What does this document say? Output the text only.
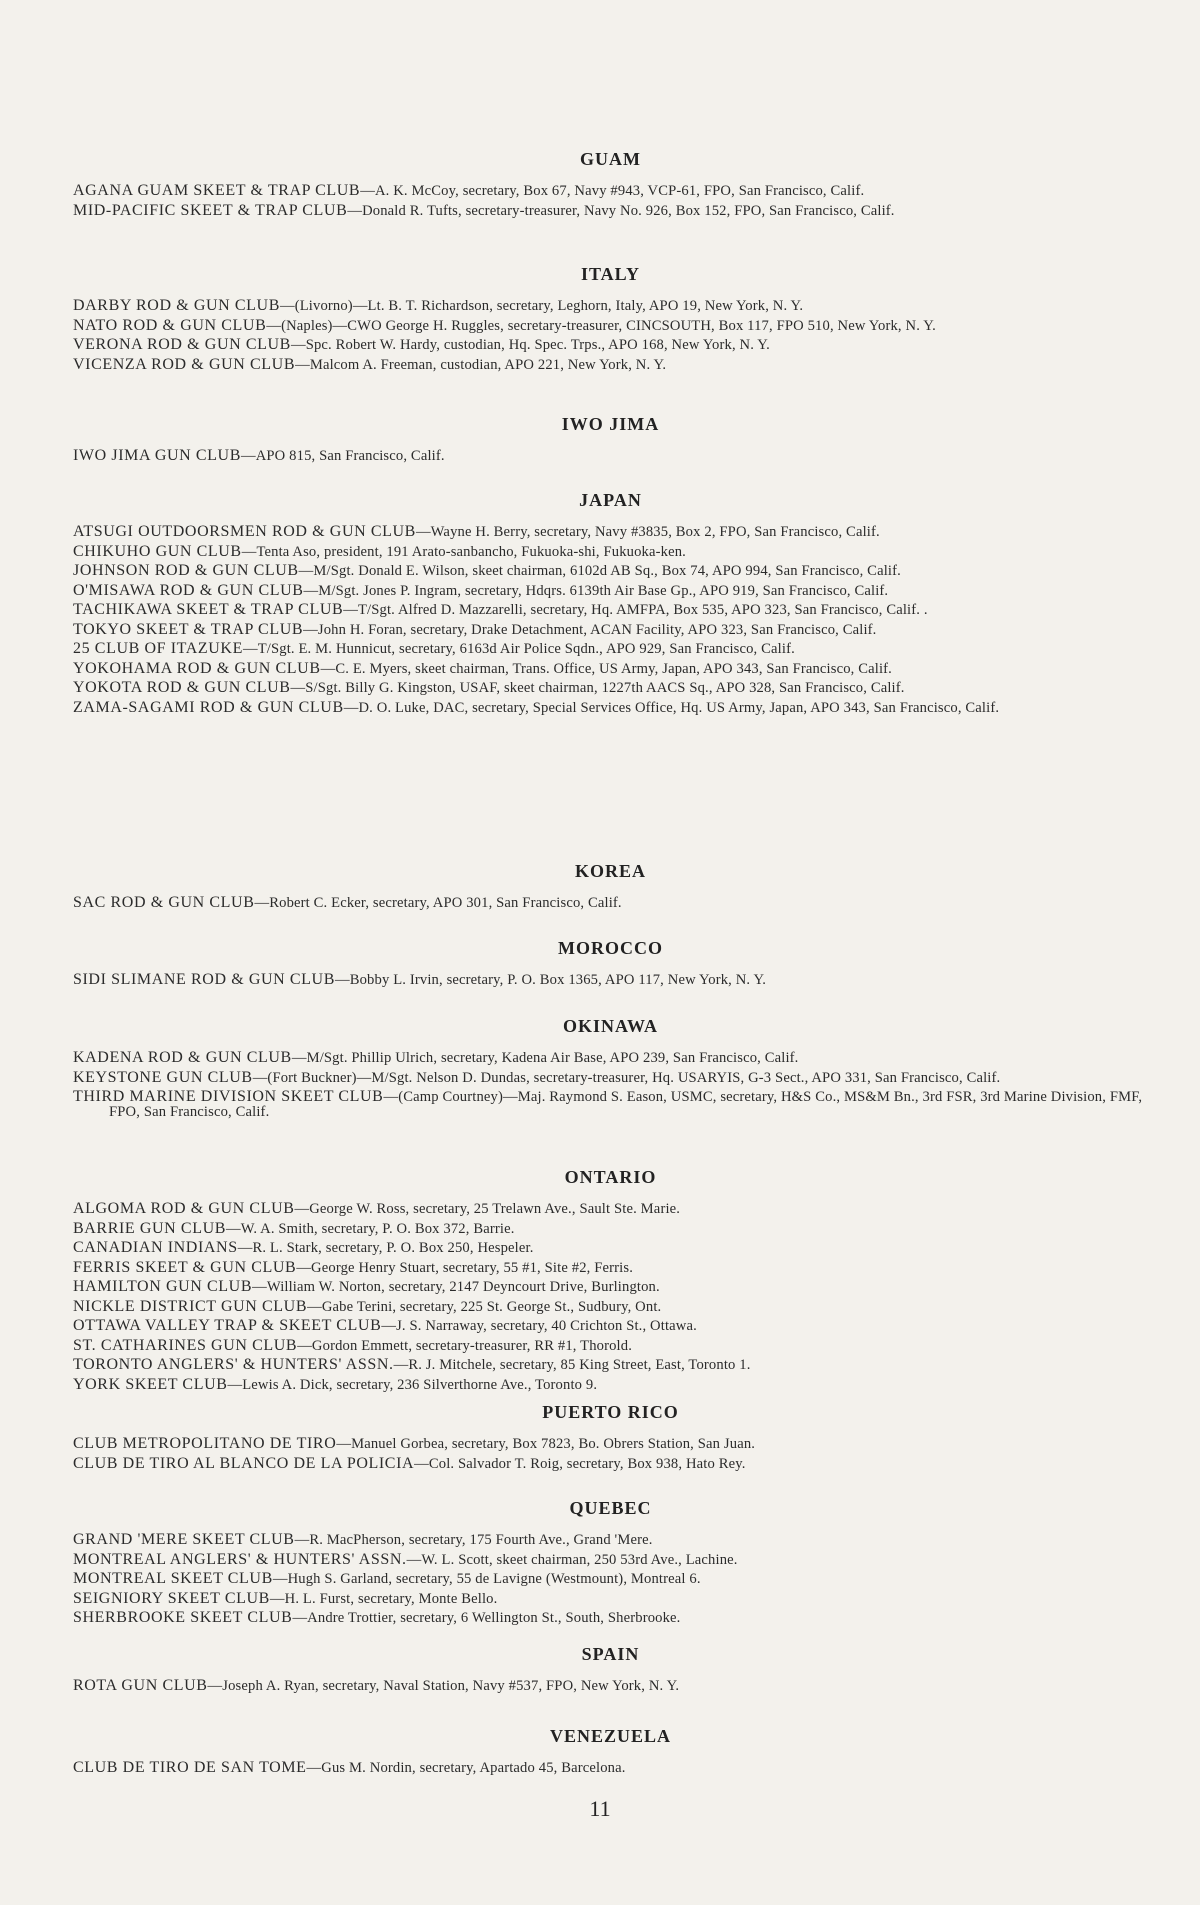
GUAM
AGANA GUAM SKEET & TRAP CLUB—A. K. McCoy, secretary, Box 67, Navy #943, VCP-61, FPO, San Francisco, Calif.
MID-PACIFIC SKEET & TRAP CLUB—Donald R. Tufts, secretary-treasurer, Navy No. 926, Box 152, FPO, San Francisco, Calif.
ITALY
DARBY ROD & GUN CLUB—(Livorno)—Lt. B. T. Richardson, secretary, Leghorn, Italy, APO 19, New York, N. Y.
NATO ROD & GUN CLUB—(Naples)—CWO George H. Ruggles, secretary-treasurer, CINCSOUTH, Box 117, FPO 510, New York, N. Y.
VERONA ROD & GUN CLUB—Spc. Robert W. Hardy, custodian, Hq. Spec. Trps., APO 168, New York, N. Y.
VICENZA ROD & GUN CLUB—Malcom A. Freeman, custodian, APO 221, New York, N. Y.
IWO JIMA
IWO JIMA GUN CLUB—APO 815, San Francisco, Calif.
JAPAN
ATSUGI OUTDOORSMEN ROD & GUN CLUB—Wayne H. Berry, secretary, Navy #3835, Box 2, FPO, San Francisco, Calif.
CHIKUHO GUN CLUB—Tenta Aso, president, 191 Arato-sanbancho, Fukuoka-shi, Fukuoka-ken.
JOHNSON ROD & GUN CLUB—M/Sgt. Donald E. Wilson, skeet chairman, 6102d AB Sq., Box 74, APO 994, San Francisco, Calif.
O'MISAWA ROD & GUN CLUB—M/Sgt. Jones P. Ingram, secretary, Hdqrs. 6139th Air Base Gp., APO 919, San Francisco, Calif.
TACHIKAWA SKEET & TRAP CLUB—T/Sgt. Alfred D. Mazzarelli, secretary, Hq. AMFPA, Box 535, APO 323, San Francisco, Calif. .
TOKYO SKEET & TRAP CLUB—John H. Foran, secretary, Drake Detachment, ACAN Facility, APO 323, San Francisco, Calif.
25 CLUB OF ITAZUKE—T/Sgt. E. M. Hunnicut, secretary, 6163d Air Police Sqdn., APO 929, San Francisco, Calif.
YOKOHAMA ROD & GUN CLUB—C. E. Myers, skeet chairman, Trans. Office, US Army, Japan, APO 343, San Francisco, Calif.
YOKOTA ROD & GUN CLUB—S/Sgt. Billy G. Kingston, USAF, skeet chairman, 1227th AACS Sq., APO 328, San Francisco, Calif.
ZAMA-SAGAMI ROD & GUN CLUB—D. O. Luke, DAC, secretary, Special Services Office, Hq. US Army, Japan, APO 343, San Francisco, Calif.
KOREA
SAC ROD & GUN CLUB—Robert C. Ecker, secretary, APO 301, San Francisco, Calif.
MOROCCO
SIDI SLIMANE ROD & GUN CLUB—Bobby L. Irvin, secretary, P. O. Box 1365, APO 117, New York, N. Y.
OKINAWA
KADENA ROD & GUN CLUB—M/Sgt. Phillip Ulrich, secretary, Kadena Air Base, APO 239, San Francisco, Calif.
KEYSTONE GUN CLUB—(Fort Buckner)—M/Sgt. Nelson D. Dundas, secretary-treasurer, Hq. USARYIS, G-3 Sect., APO 331, San Francisco, Calif.
THIRD MARINE DIVISION SKEET CLUB—(Camp Courtney)—Maj. Raymond S. Eason, USMC, secretary, H&S Co., MS&M Bn., 3rd FSR, 3rd Marine Division, FMF, FPO, San Francisco, Calif.
ONTARIO
ALGOMA ROD & GUN CLUB—George W. Ross, secretary, 25 Trelawn Ave., Sault Ste. Marie.
BARRIE GUN CLUB—W. A. Smith, secretary, P. O. Box 372, Barrie.
CANADIAN INDIANS—R. L. Stark, secretary, P. O. Box 250, Hespeler.
FERRIS SKEET & GUN CLUB—George Henry Stuart, secretary, 55 #1, Site #2, Ferris.
HAMILTON GUN CLUB—William W. Norton, secretary, 2147 Deyncourt Drive, Burlington.
NICKLE DISTRICT GUN CLUB—Gabe Terini, secretary, 225 St. George St., Sudbury, Ont.
OTTAWA VALLEY TRAP & SKEET CLUB—J. S. Narraway, secretary, 40 Crichton St., Ottawa.
ST. CATHARINES GUN CLUB—Gordon Emmett, secretary-treasurer, RR #1, Thorold.
TORONTO ANGLERS' & HUNTERS' ASSN.—R. J. Mitchele, secretary, 85 King Street, East, Toronto 1.
YORK SKEET CLUB—Lewis A. Dick, secretary, 236 Silverthorne Ave., Toronto 9.
PUERTO RICO
CLUB METROPOLITANO DE TIRO—Manuel Gorbea, secretary, Box 7823, Bo. Obrers Station, San Juan.
CLUB DE TIRO AL BLANCO DE LA POLICIA—Col. Salvador T. Roig, secretary, Box 938, Hato Rey.
QUEBEC
GRAND 'MERE SKEET CLUB—R. MacPherson, secretary, 175 Fourth Ave., Grand 'Mere.
MONTREAL ANGLERS' & HUNTERS' ASSN.—W. L. Scott, skeet chairman, 250 53rd Ave., Lachine.
MONTREAL SKEET CLUB—Hugh S. Garland, secretary, 55 de Lavigne (Westmount), Montreal 6.
SEIGNIORY SKEET CLUB—H. L. Furst, secretary, Monte Bello.
SHERBROOKE SKEET CLUB—Andre Trottier, secretary, 6 Wellington St., South, Sherbrooke.
SPAIN
ROTA GUN CLUB—Joseph A. Ryan, secretary, Naval Station, Navy #537, FPO, New York, N. Y.
VENEZUELA
CLUB DE TIRO DE SAN TOME—Gus M. Nordin, secretary, Apartado 45, Barcelona.
11
